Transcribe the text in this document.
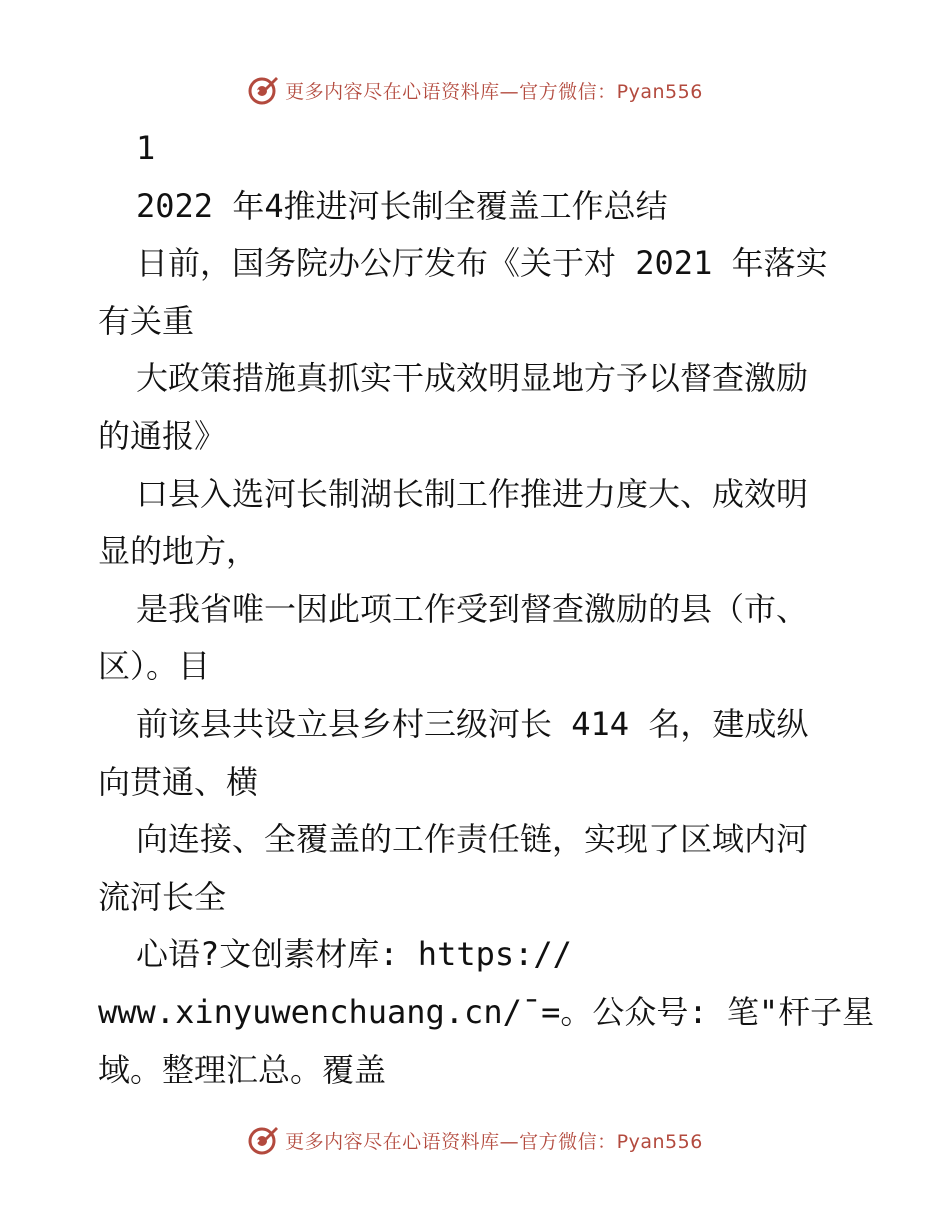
更多内容尽在心语资料库—官方微信：Pyan556
1
2022 年4推进河长制全覆盖工作总结
日前，国务院办公厅发布《关于对 2021 年落实
有关重
大政策措施真抓实干成效明显地方予以督查激励
的通报》
口县入选河长制湖长制工作推进力度大、成效明
显的地方，
是我省唯一因此项工作受到督查激励的县（市、
区）。目
前该县共设立县乡村三级河长 414 名，建成纵
向贯通、横
向连接、全覆盖的工作责任链，实现了区域内河
流河长全
心语?文创素材库: https://
www.xinyuwenchuang.cn/¯=。公众号: 笔"杆子星
域。整理汇总。覆盖
更多内容尽在心语资料库—官方微信：Pyan556
